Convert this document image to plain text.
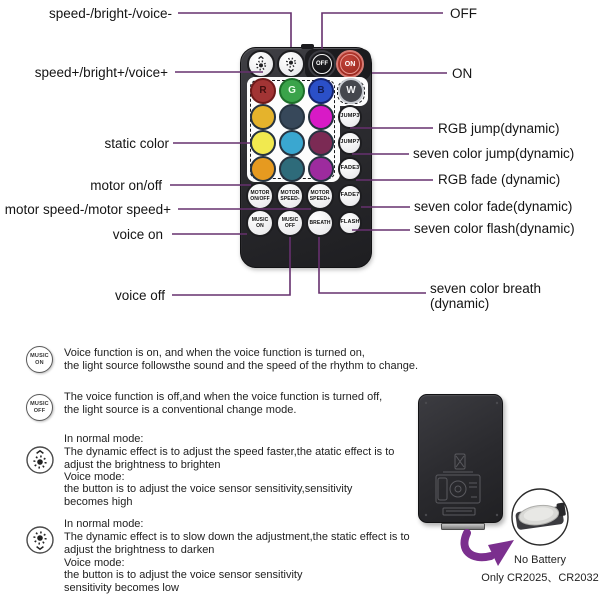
speed-/bright-/voice-
speed+/bright+/voice+
static color
motor on/off
motor speed-/motor speed+
voice on
voice off
OFF
ON
RGB jump(dynamic)
seven color jump(dynamic)
RGB fade (dynamic)
seven color fade(dynamic)
seven color flash(dynamic)
seven color breath
(dynamic)
OFF ON
R G B W
JUMP3
JUMP7
FADE3
FADE7
FLASH
MOTOR
ON/OFF
MOTOR
SPEED-
MOTOR
SPEED+
MUSIC
ON
MUSIC
OFF	BREATH
MUSIC
ON
Voice function is on, and when the voice function is turned on,
the light source followsthe sound and the speed of the rhythm to change.
MUSIC
OFF
The voice function is off,and when the voice function is turned off,
the light source is a conventional change mode.
In normal mode:
The dynamic effect is to adjust the speed faster,the atatic effect is to
adjust the brightness to brighten
Voice mode:
the button is to adjust the voice sensor sensitivity,sensitivity
becomes high
In normal mode:
The dynamic effect is to slow down the adjustment,the static effect is to
adjust the brightness to darken
Voice mode:
the button is to adjust the voice sensor sensitivity
sensitivity becomes low
No Battery
Only CR2025、CR2032
